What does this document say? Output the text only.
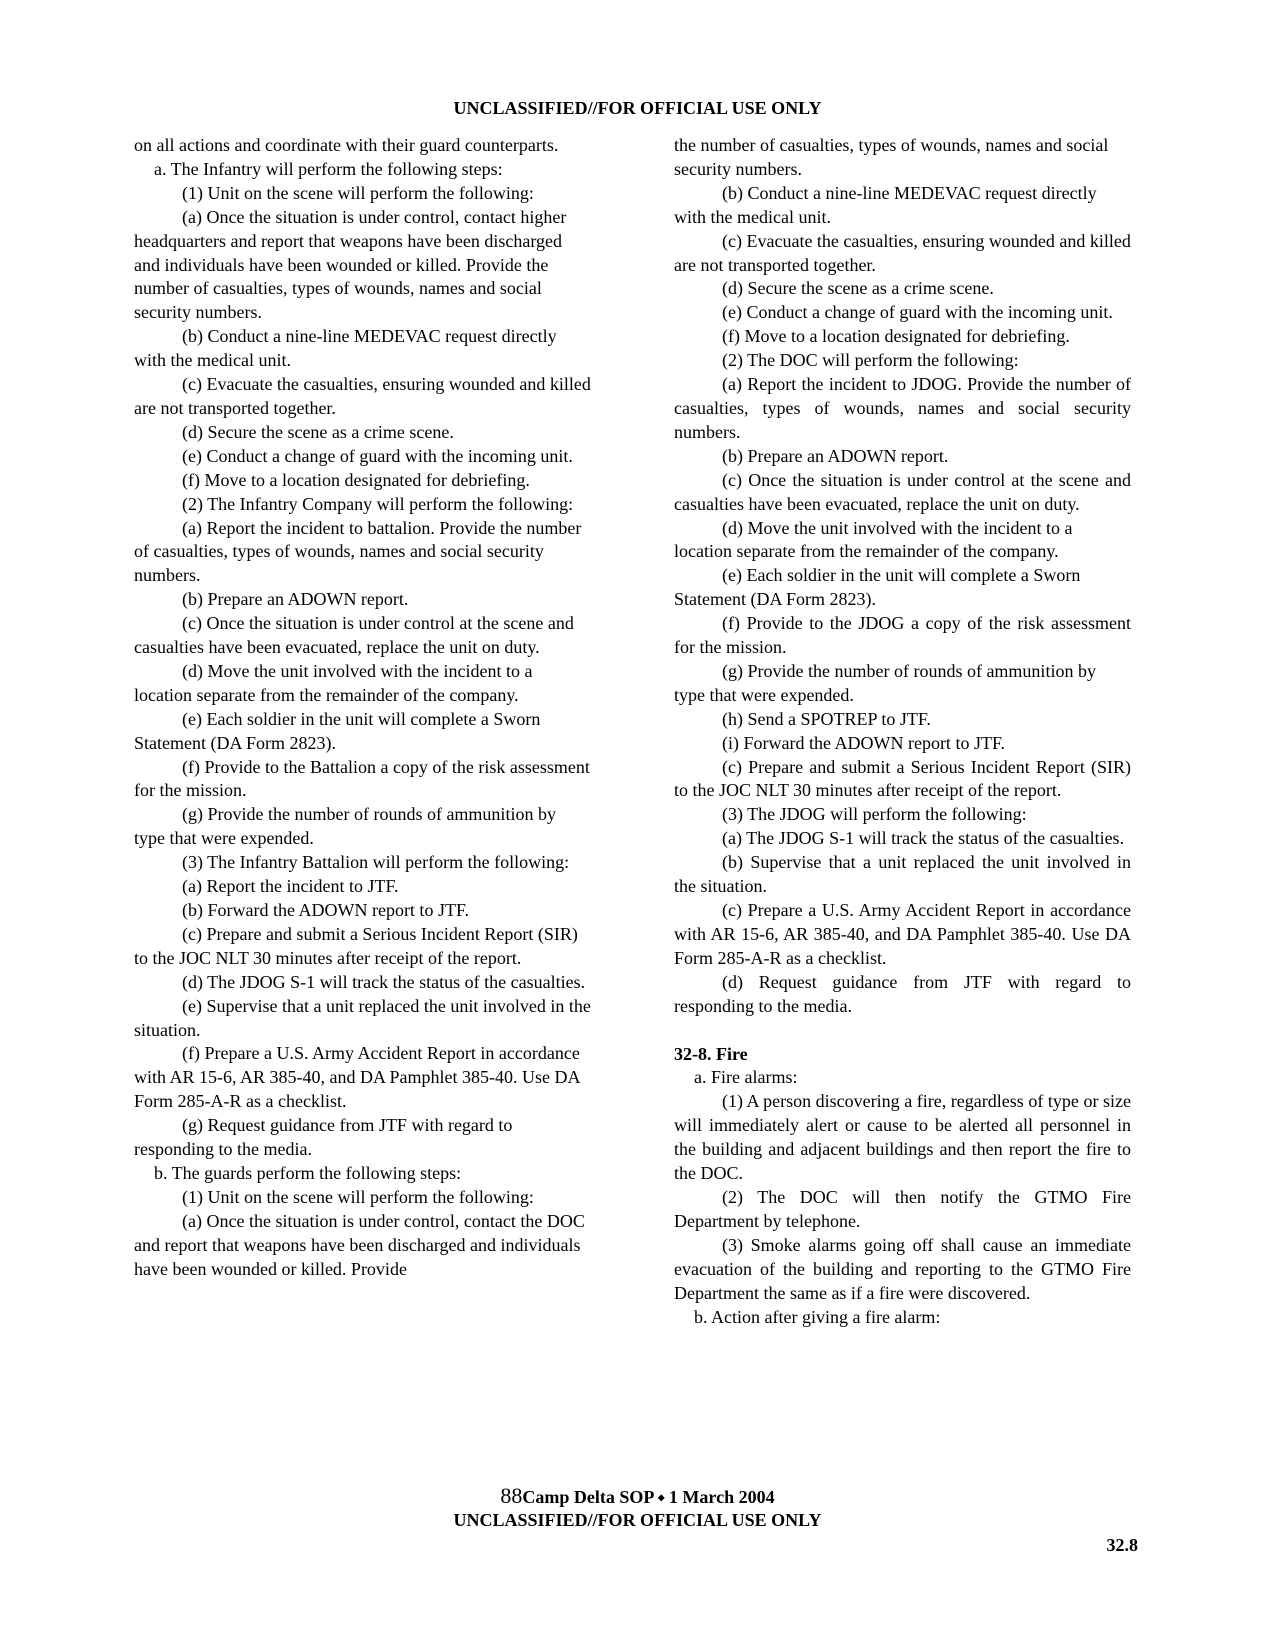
UNCLASSIFIED//FOR OFFICIAL USE ONLY

on all actions and coordinate with their guard counterparts.

a. The Infantry will perform the following steps:

(1) Unit on the scene will perform the following:

(a) Once the situation is under control, contact higher headquarters and report that weapons have been discharged and individuals have been wounded or killed. Provide the number of casualties, types of wounds, names and social security numbers.

(b) Conduct a nine-line MEDEVAC request directly with the medical unit.

(c) Evacuate the casualties, ensuring wounded and killed are not transported together.

(d) Secure the scene as a crime scene.

(e) Conduct a change of guard with the incoming unit.

(f) Move to a location designated for debriefing.

(2) The Infantry Company will perform the following:

(a) Report the incident to battalion. Provide the number of casualties, types of wounds, names and social security numbers.

(b) Prepare an ADOWN report.

(c) Once the situation is under control at the scene and casualties have been evacuated, replace the unit on duty.

(d) Move the unit involved with the incident to a location separate from the remainder of the company.

(e) Each soldier in the unit will complete a Sworn Statement (DA Form 2823).

(f) Provide to the Battalion a copy of the risk assessment for the mission.

(g) Provide the number of rounds of ammunition by type that were expended.

(3) The Infantry Battalion will perform the following:

(a) Report the incident to JTF.

(b) Forward the ADOWN report to JTF.

(c) Prepare and submit a Serious Incident Report (SIR) to the JOC NLT 30 minutes after receipt of the report.

(d) The JDOG S-1 will track the status of the casualties.

(e) Supervise that a unit replaced the unit involved in the situation.

(f) Prepare a U.S. Army Accident Report in accordance with AR 15-6, AR 385-40, and DA Pamphlet 385-40. Use DA Form 285-A-R as a checklist.

(g) Request guidance from JTF with regard to responding to the media.

b. The guards perform the following steps:

(1) Unit on the scene will perform the following:

(a) Once the situation is under control, contact the DOC and report that weapons have been discharged and individuals have been wounded or killed. Provide

the number of casualties, types of wounds, names and social security numbers.

(b) Conduct a nine-line MEDEVAC request directly with the medical unit.

(c) Evacuate the casualties, ensuring wounded and killed are not transported together.

(d) Secure the scene as a crime scene.

(e) Conduct a change of guard with the incoming unit.

(f) Move to a location designated for debriefing.

(2) The DOC will perform the following:

(a) Report the incident to JDOG. Provide the number of casualties, types of wounds, names and social security numbers.

(b) Prepare an ADOWN report.

(c) Once the situation is under control at the scene and casualties have been evacuated, replace the unit on duty.

(d) Move the unit involved with the incident to a location separate from the remainder of the company.

(e) Each soldier in the unit will complete a Sworn Statement (DA Form 2823).

(f) Provide to the JDOG a copy of the risk assessment for the mission.

(g) Provide the number of rounds of ammunition by type that were expended.

(h) Send a SPOTREP to JTF.

(i) Forward the ADOWN report to JTF.

(c) Prepare and submit a Serious Incident Report (SIR) to the JOC NLT 30 minutes after receipt of the report.

(3) The JDOG will perform the following:

(a) The JDOG S-1 will track the status of the casualties.

(b) Supervise that a unit replaced the unit involved in the situation.

(c) Prepare a U.S. Army Accident Report in accordance with AR 15-6, AR 385-40, and DA Pamphlet 385-40. Use DA Form 285-A-R as a checklist.

(d) Request guidance from JTF with regard to responding to the media.

32-8. Fire

a. Fire alarms:

(1) A person discovering a fire, regardless of type or size will immediately alert or cause to be alerted all personnel in the building and adjacent buildings and then report the fire to the DOC.

(2) The DOC will then notify the GTMO Fire Department by telephone.

(3) Smoke alarms going off shall cause an immediate evacuation of the building and reporting to the GTMO Fire Department the same as if a fire were discovered.

b. Action after giving a fire alarm:

88Camp Delta SOP ⬩ 1 March 2004
UNCLASSIFIED//FOR OFFICIAL USE ONLY
32.8
